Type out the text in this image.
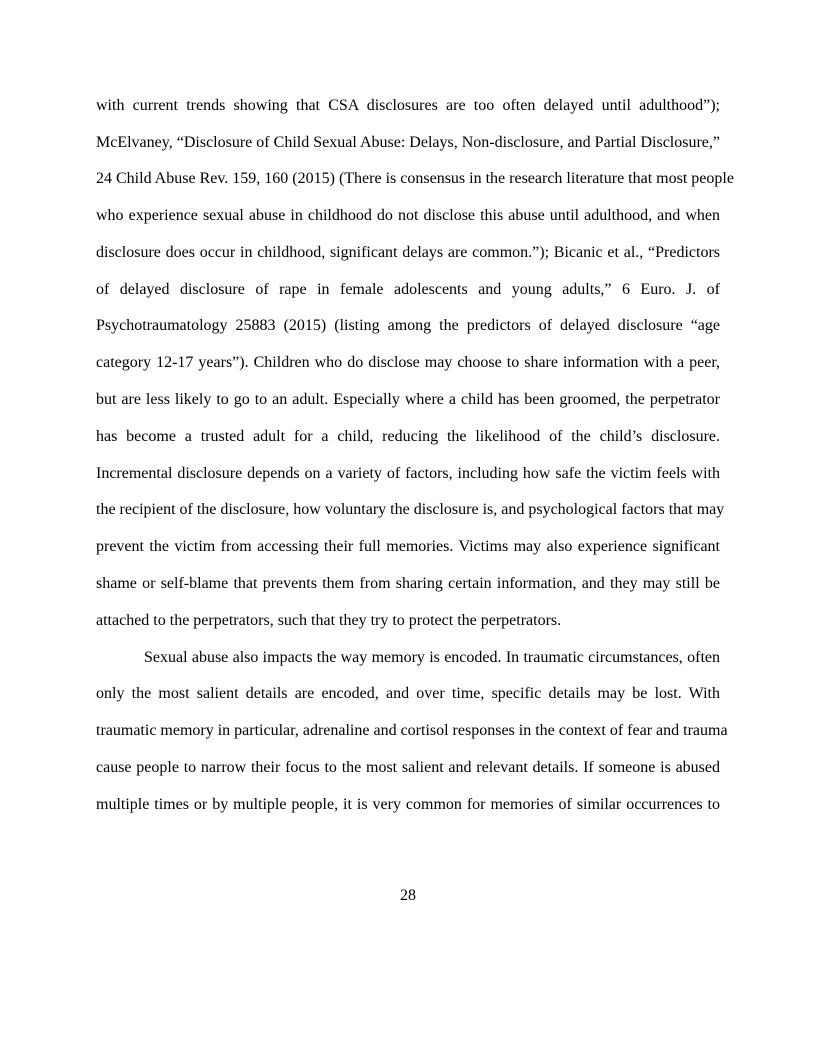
with current trends showing that CSA disclosures are too often delayed until adulthood”);
McElvaney, “Disclosure of Child Sexual Abuse: Delays, Non-disclosure, and Partial Disclosure,”
24 Child Abuse Rev. 159, 160 (2015) (There is consensus in the research literature that most people
who experience sexual abuse in childhood do not disclose this abuse until adulthood, and when
disclosure does occur in childhood, significant delays are common.”); Bicanic et al., “Predictors
of delayed disclosure of rape in female adolescents and young adults,” 6 Euro. J. of
Psychotraumatology 25883 (2015) (listing among the predictors of delayed disclosure “age
category 12-17 years”). Children who do disclose may choose to share information with a peer,
but are less likely to go to an adult. Especially where a child has been groomed, the perpetrator
has become a trusted adult for a child, reducing the likelihood of the child’s disclosure.
Incremental disclosure depends on a variety of factors, including how safe the victim feels with
the recipient of the disclosure, how voluntary the disclosure is, and psychological factors that may
prevent the victim from accessing their full memories. Victims may also experience significant
shame or self-blame that prevents them from sharing certain information, and they may still be
attached to the perpetrators, such that they try to protect the perpetrators.
Sexual abuse also impacts the way memory is encoded. In traumatic circumstances, often
only the most salient details are encoded, and over time, specific details may be lost. With
traumatic memory in particular, adrenaline and cortisol responses in the context of fear and trauma
cause people to narrow their focus to the most salient and relevant details. If someone is abused
multiple times or by multiple people, it is very common for memories of similar occurrences to
28
